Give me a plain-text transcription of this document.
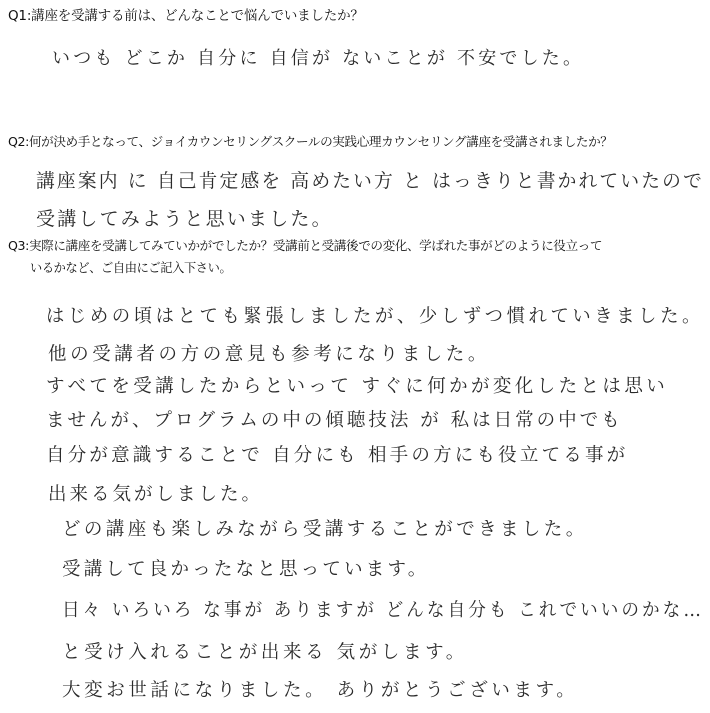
Q1:講座を受講する前は、どんなことで悩んでいましたか？
いつも どこか 自分に 自信が ないことが 不安でした。
Q2:何が決め手となって、ジョイカウンセリングスクールの実践心理カウンセリング講座を受講されましたか？
講座案内 に 自己肯定感を 高めたい方 と はっきりと書かれていたので
受講してみようと思いました。
Q3:実際に講座を受講してみていかがでしたか？受講前と受講後での変化、学ばれた事がどのように役立って
いるかなど、ご自由にご記入下さい。
はじめの頃はとても緊張しましたが、少しずつ慣れていきました。
他の受講者の方の意見も参考になりました。
すべてを受講したからといって すぐに何かが変化したとは思い
ませんが、プログラムの中の傾聴技法 が 私は日常の中でも
自分が意識することで 自分にも 相手の方にも役立てる事が
出来る気がしました。
どの講座も楽しみながら受講することができました。
受講して良かったなと思っています。
日々 いろいろ な事が ありますが どんな自分も これでいいのかな…
と受け入れることが出来る 気がします。
大変お世話になりました。 ありがとうございます。
